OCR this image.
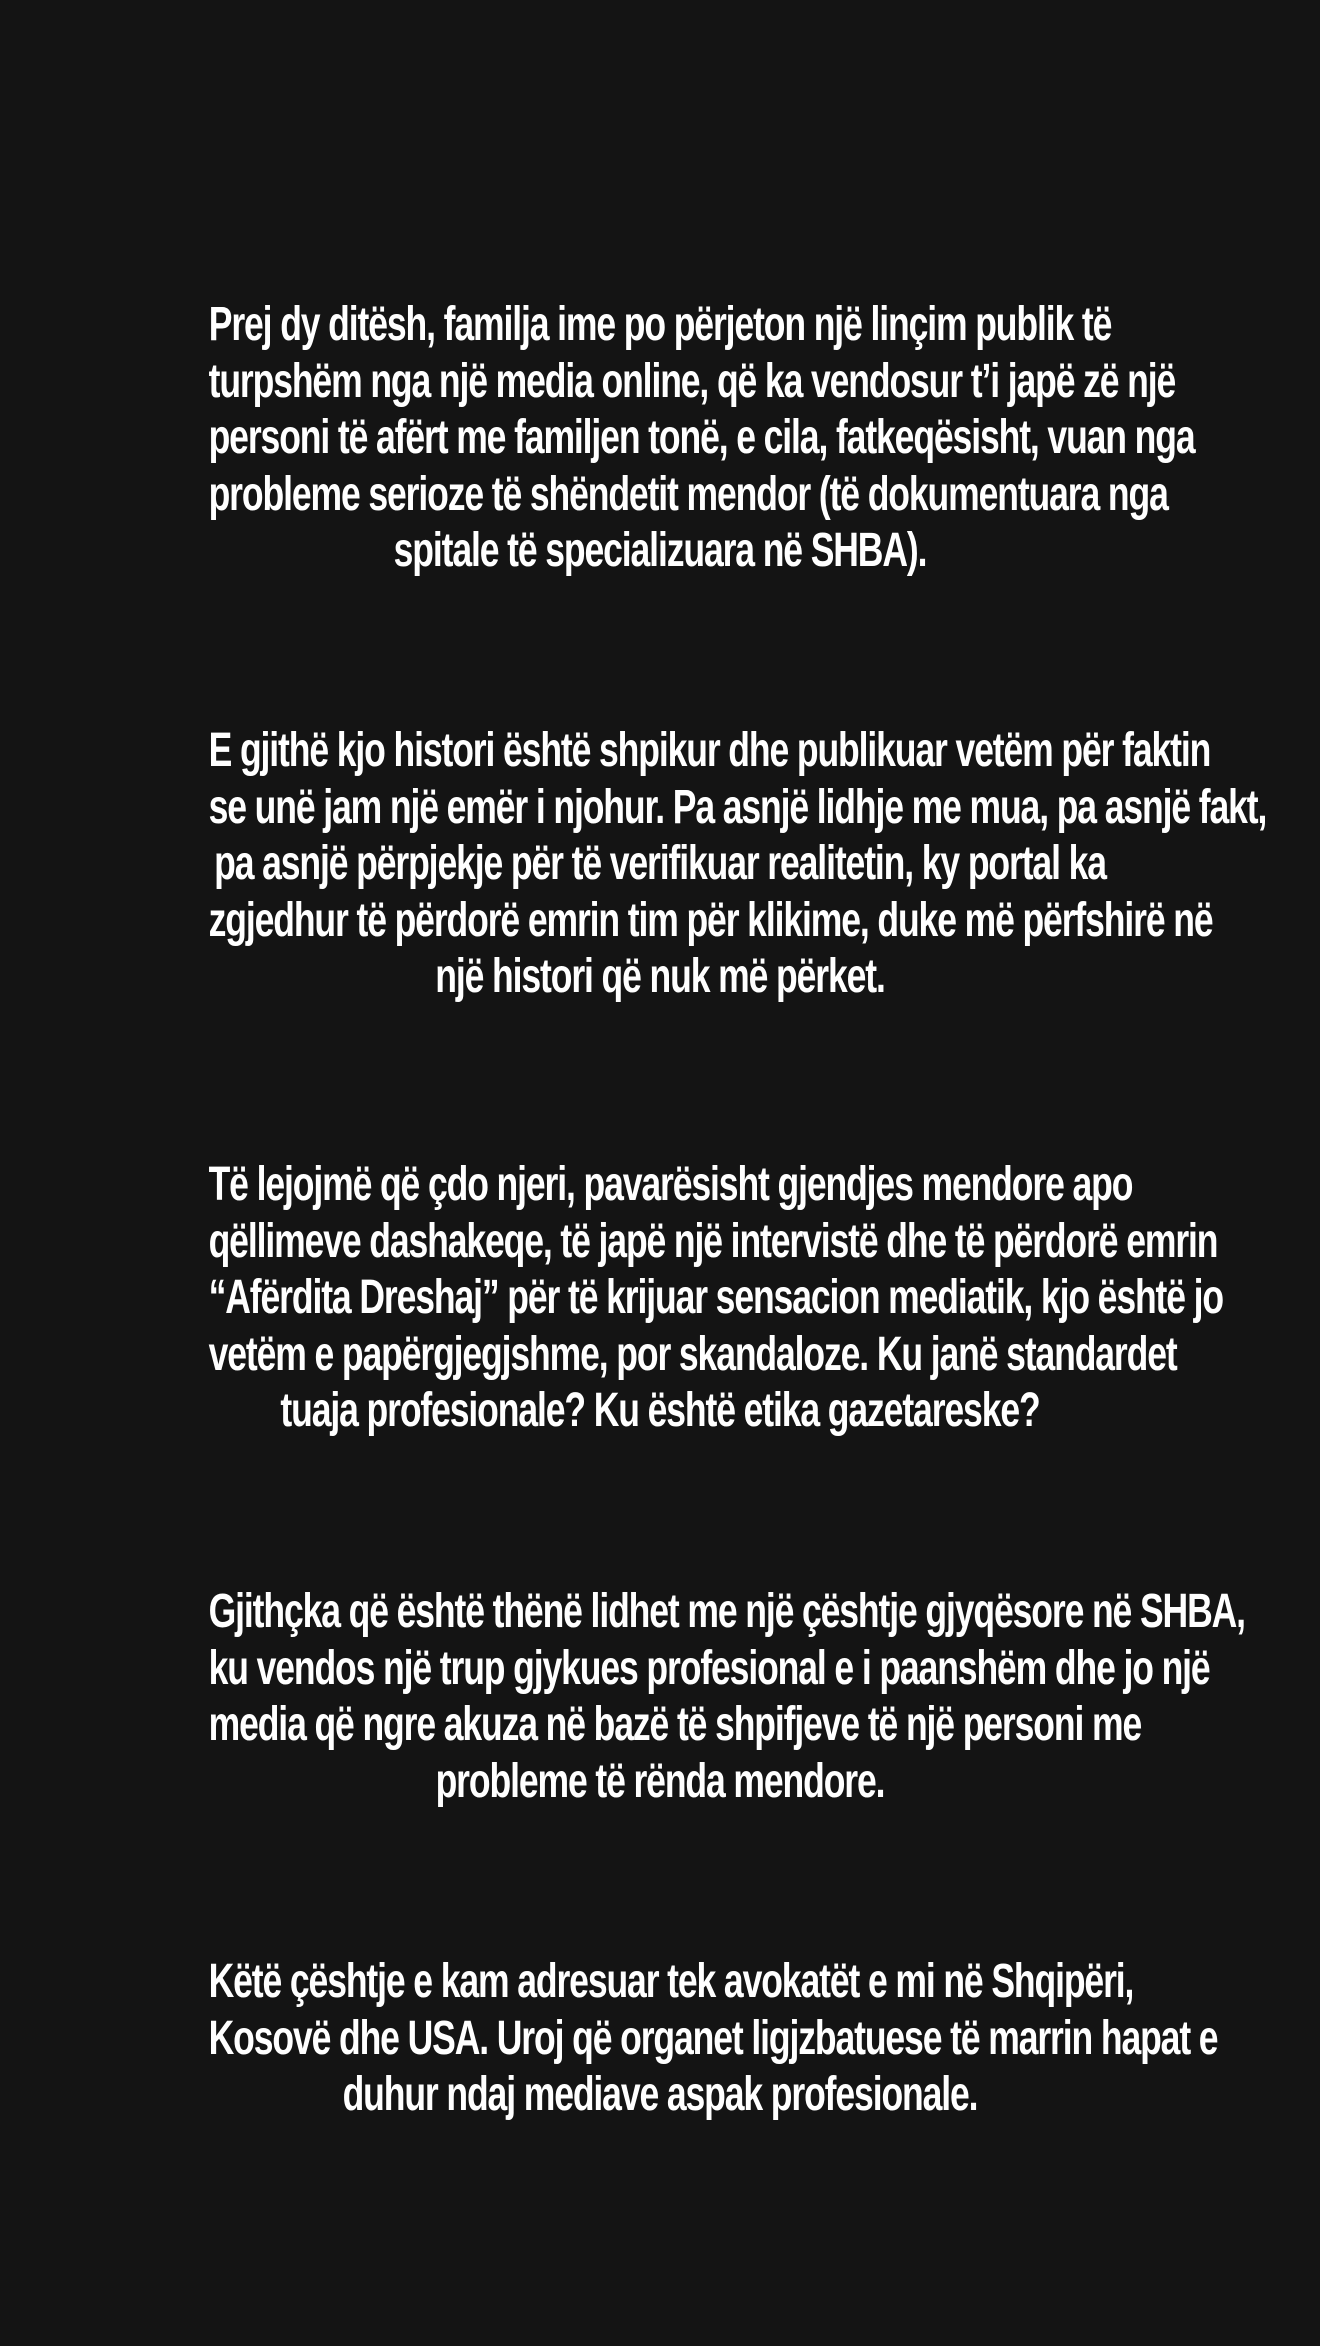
Prej dy ditësh, familja ime po përjeton një linçim publik të
turpshëm nga një media online, që ka vendosur t’i japë zë një
personi të afërt me familjen tonë, e cila, fatkeqësisht, vuan nga
probleme serioze të shëndetit mendor (të dokumentuara nga
spitale të specializuara në SHBA).
E gjithë kjo histori është shpikur dhe publikuar vetëm për faktin
se unë jam një emër i njohur. Pa asnjë lidhje me mua, pa asnjë fakt,
pa asnjë përpjekje për të verifikuar realitetin, ky portal ka
zgjedhur të përdorë emrin tim për klikime, duke më përfshirë në
një histori që nuk më përket.
Të lejojmë që çdo njeri, pavarësisht gjendjes mendore apo
qëllimeve dashakeqe, të japë një intervistë dhe të përdorë emrin
“Afërdita Dreshaj” për të krijuar sensacion mediatik, kjo është jo
vetëm e papërgjegjshme, por skandaloze. Ku janë standardet
tuaja profesionale? Ku është etika gazetareske?
Gjithçka që është thënë lidhet me një çështje gjyqësore në SHBA,
ku vendos një trup gjykues profesional e i paanshëm dhe jo një
media që ngre akuza në bazë të shpifjeve të një personi me
probleme të rënda mendore.
Këtë çështje e kam adresuar tek avokatët e mi në Shqipëri,
Kosovë dhe USA. Uroj që organet ligjzbatuese të marrin hapat e
duhur ndaj mediave aspak profesionale.
